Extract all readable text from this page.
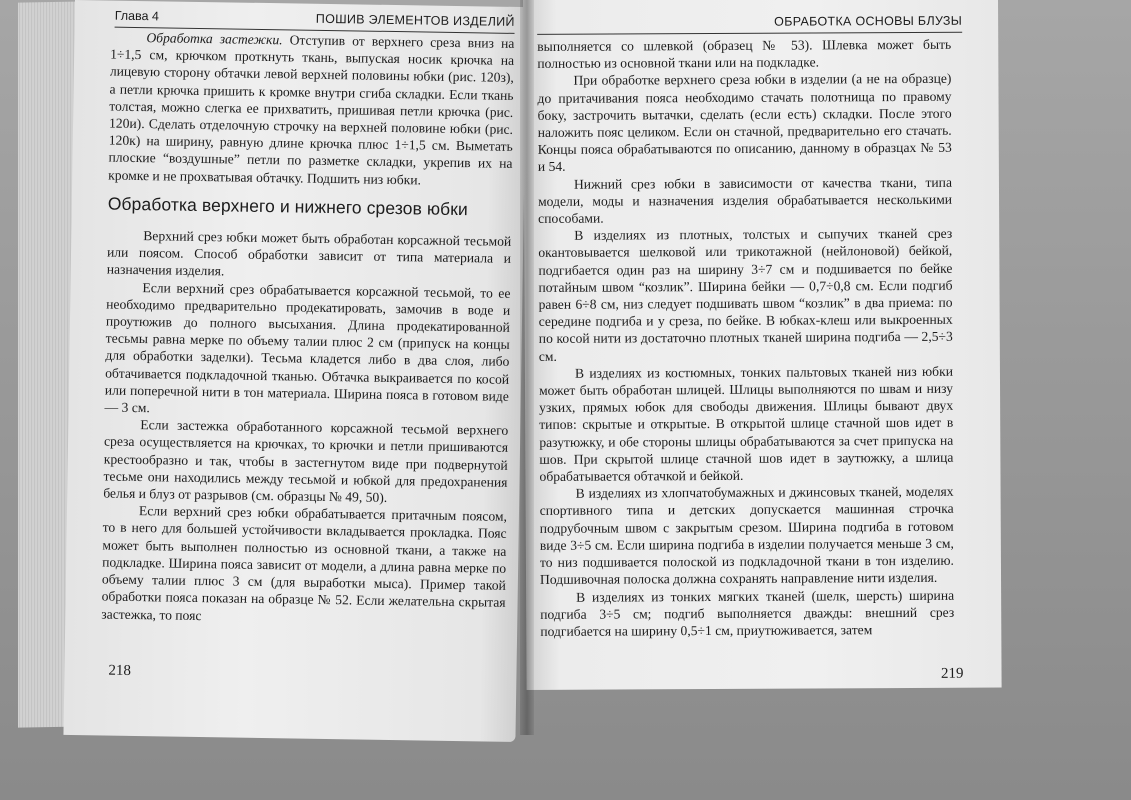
Глава 4	ПОШИВ ЭЛЕМЕНТОВ ИЗДЕЛИЙ

Обработка застежки. Отступив от верхнего среза вниз на 1÷1,5 см, крючком проткнуть ткань, выпуская носик крючка на лицевую сторону обтачки левой верхней половины юбки (рис. 120з), а петли крючка пришить к кромке внутри сгиба складки. Если ткань толстая, можно слегка ее прихватить, пришивая петли крючка (рис. 120и). Сделать отделочную строчку на верхней половине юбки (рис. 120к) на ширину, равную длине крючка плюс 1÷1,5 см. Выметать плоские “воздушные” петли по разметке складки, укрепив их на кромке и не прохватывая обтачку. Подшить низ юбки.

Обработка верхнего и нижнего срезов юбки

Верхний срез юбки может быть обработан корсажной тесьмой или поясом. Способ обработки зависит от типа материала и назначения изделия.

Если верхний срез обрабатывается корсажной тесьмой, то ее необходимо предварительно продекатировать, замочив в воде и проутюжив до полного высыхания. Длина продекатированной тесьмы равна мерке по объему талии плюс 2 см (припуск на концы для обработки заделки). Тесьма кладется либо в два слоя, либо обтачивается подкладочной тканью. Обтачка выкраивается по косой или поперечной нити в тон материала. Ширина пояса в готовом виде — 3 см.

Если застежка обработанного корсажной тесьмой верхнего среза осуществляется на крючках, то крючки и петли пришиваются крестообразно и так, чтобы в застегнутом виде при подвернутой тесьме они находились между тесьмой и юбкой для предохранения белья и блуз от разрывов (см. образцы № 49, 50).

Если верхний срез юбки обрабатывается притачным поясом, то в него для большей устойчивости вкладывается прокладка. Пояс может быть выполнен полностью из основной ткани, а также на подкладке. Ширина пояса зависит от модели, а длина равна мерке по объему талии плюс 3 см (для выработки мыса). Пример такой обработки пояса показан на образце № 52. Если желательна скрытая застежка, то пояс

218
ОБРАБОТКА ОСНОВЫ БЛУЗЫ

выполняется со шлевкой (образец № 53). Шлевка может быть полностью из основной ткани или на подкладке.

При обработке верхнего среза юбки в изделии (а не на образце) до притачивания пояса необходимо стачать полотнища по правому боку, застрочить вытачки, сделать (если есть) складки. После этого наложить пояс целиком. Если он стачной, предварительно его стачать. Концы пояса обрабатываются по описанию, данному в образцах № 53 и 54.

Нижний срез юбки в зависимости от качества ткани, типа модели, моды и назначения изделия обрабатывается несколькими способами.

В изделиях из плотных, толстых и сыпучих тканей срез окантовывается шелковой или трикотажной (нейлоновой) бейкой, подгибается один раз на ширину 3÷7 см и подшивается по бейке потайным швом “козлик”. Ширина бейки — 0,7÷0,8 см. Если подгиб равен 6÷8 см, низ следует подшивать швом “козлик” в два приема: по середине подгиба и у среза, по бейке. В юбках-клеш или выкроенных по косой нити из достаточно плотных тканей ширина подгиба — 2,5÷3 см.

В изделиях из костюмных, тонких пальтовых тканей низ юбки может быть обработан шлицей. Шлицы выполняются по швам и низу узких, прямых юбок для свободы движения. Шлицы бывают двух типов: скрытые и открытые. В открытой шлице стачной шов идет в разутюжку, и обе стороны шлицы обрабатываются за счет припуска на шов. При скрытой шлице стачной шов идет в заутюжку, а шлица обрабатывается обтачкой и бейкой.

В изделиях из хлопчатобумажных и джинсовых тканей, моделях спортивного типа и детских допускается машинная строчка подрубочным швом с закрытым срезом. Ширина подгиба в готовом виде 3÷5 см. Если ширина подгиба в изделии получается меньше 3 см, то низ подшивается полоской из подкладочной ткани в тон изделию. Подшивочная полоска должна сохранять направление нити изделия.

В изделиях из тонких мягких тканей (шелк, шерсть) ширина подгиба 3÷5 см; подгиб выполняется дважды: внешний срез подгибается на ширину 0,5÷1 см, приутюживается, затем

219
